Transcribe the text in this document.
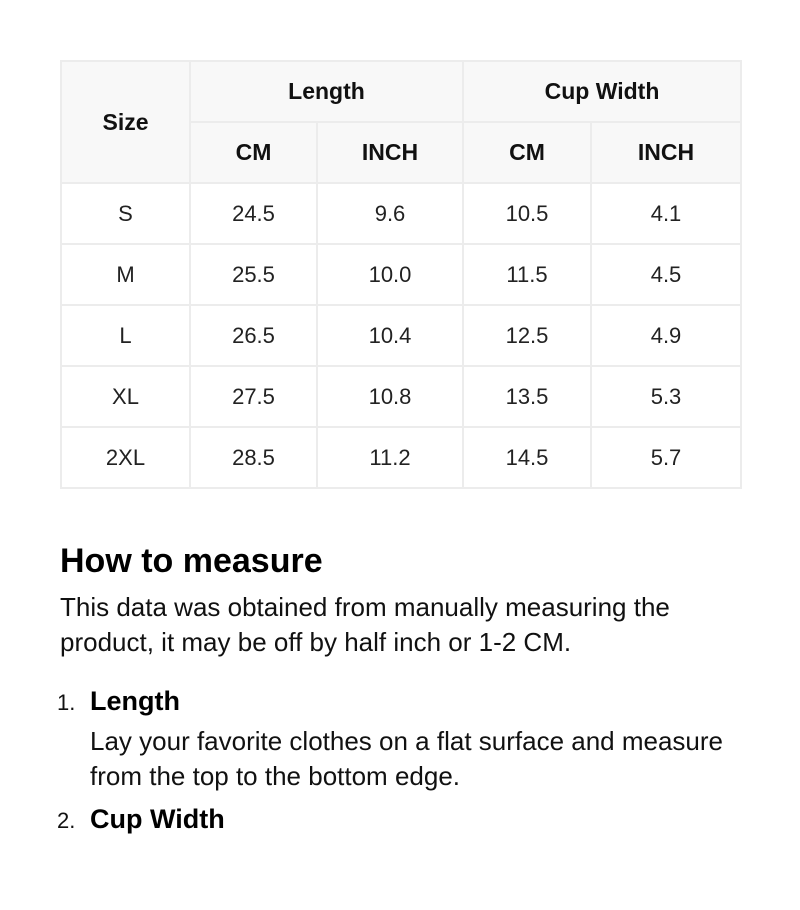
Size	Length		Cup Width	
	CM	INCH	CM	INCH
S	24.5	9.6	10.5	4.1
M	25.5	10.0	11.5	4.5
L	26.5	10.4	12.5	4.9
XL	27.5	10.8	13.5	5.3
2XL	28.5	11.2	14.5	5.7
How to measure

This data was obtained from manually measuring the product, it may be off by half inch or 1-2 CM.

1. Length
Lay your favorite clothes on a flat surface and measure from the top to the bottom edge.
2. Cup Width
